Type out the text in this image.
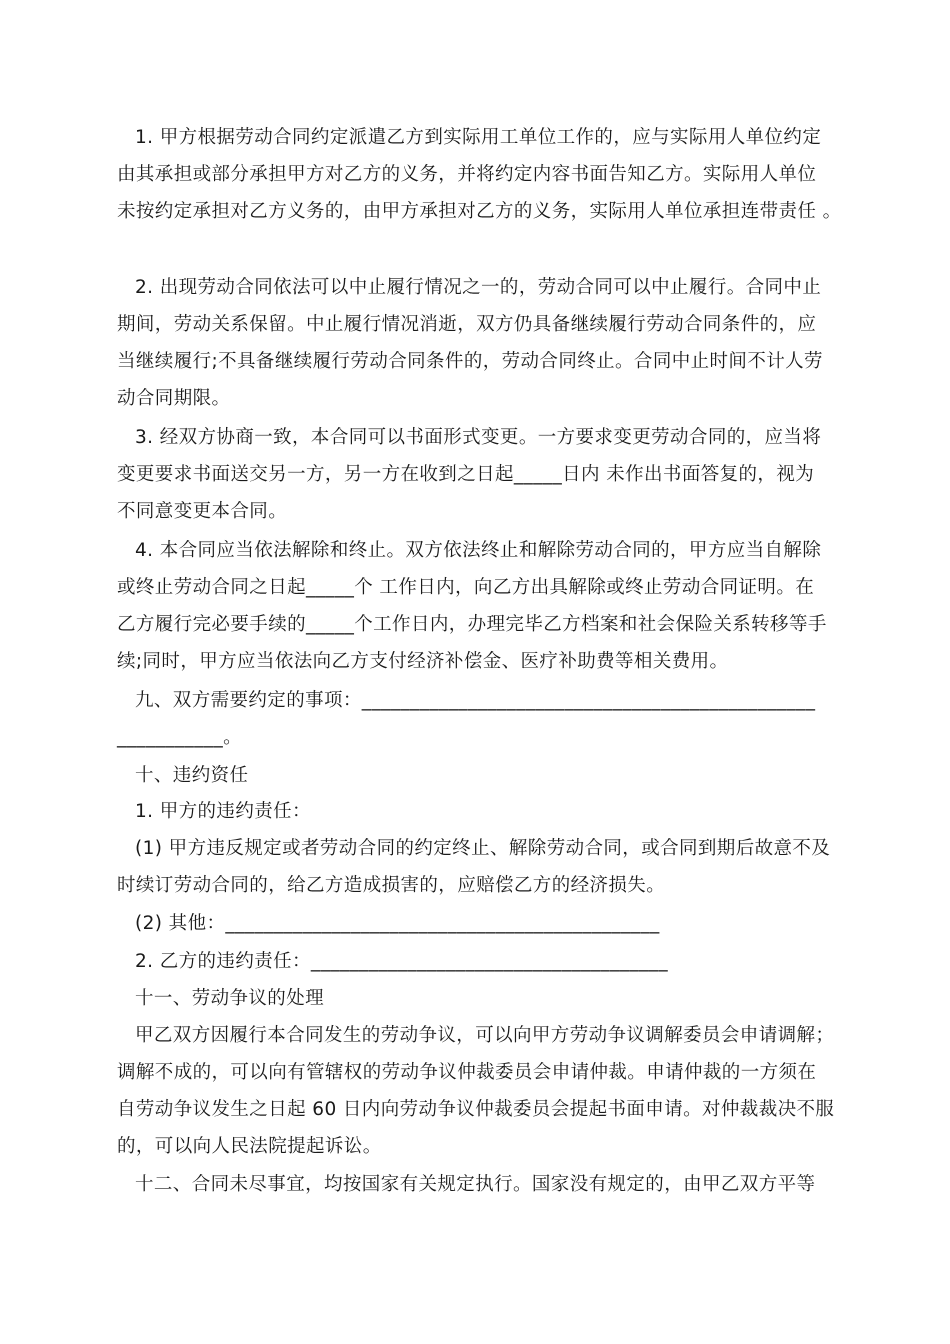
1. 甲方根据劳动合同约定派遣乙方到实际用工单位工作的，应与实际用人单位约定
由其承担或部分承担甲方对乙方的义务，并将约定内容书面告知乙方。实际用人单位
未按约定承担对乙方义务的，由甲方承担对乙方的义务，实际用人单位承担连带责任 。
2. 出现劳动合同依法可以中止履行情况之一的，劳动合同可以中止履行。合同中止
期间，劳动关系保留。中止履行情况消逝，双方仍具备继续履行劳动合同条件的，应
当继续履行;不具备继续履行劳动合同条件的，劳动合同终止。合同中止时间不计人劳
动合同期限。
3. 经双方协商一致，本合同可以书面形式变更。一方要求变更劳动合同的，应当将
变更要求书面送交另一方，另一方在收到之日起_____日内 未作出书面答复的，视为
不同意变更本合同。
4. 本合同应当依法解除和终止。双方依法终止和解除劳动合同的，甲方应当自解除
或终止劳动合同之日起_____个 工作日内，向乙方出具解除或终止劳动合同证明。在
乙方履行完必要手续的_____个工作日内，办理完毕乙方档案和社会保险关系转移等手
续;同时，甲方应当依法向乙方支付经济补偿金、医疗补助费等相关费用。
九、双方需要约定的事项：_______________________________________________
___________。
十、违约资任
1. 甲方的违约责任：
(1) 甲方违反规定或者劳动合同的约定终止、解除劳动合同，或合同到期后故意不及
时续订劳动合同的，给乙方造成损害的，应赔偿乙方的经济损失。
(2) 其他：_____________________________________________
2. 乙方的违约责任：_____________________________________
十一、劳动争议的处理
甲乙双方因履行本合同发生的劳动争议，可以向甲方劳动争议调解委员会申请调解；
调解不成的，可以向有管辖权的劳动争议仲裁委员会申请仲裁。申请仲裁的一方须在
自劳动争议发生之日起 60 日内向劳动争议仲裁委员会提起书面申请。对仲裁裁决不服
的，可以向人民法院提起诉讼。
十二、合同未尽事宜，均按国家有关规定执行。国家没有规定的，由甲乙双方平等
